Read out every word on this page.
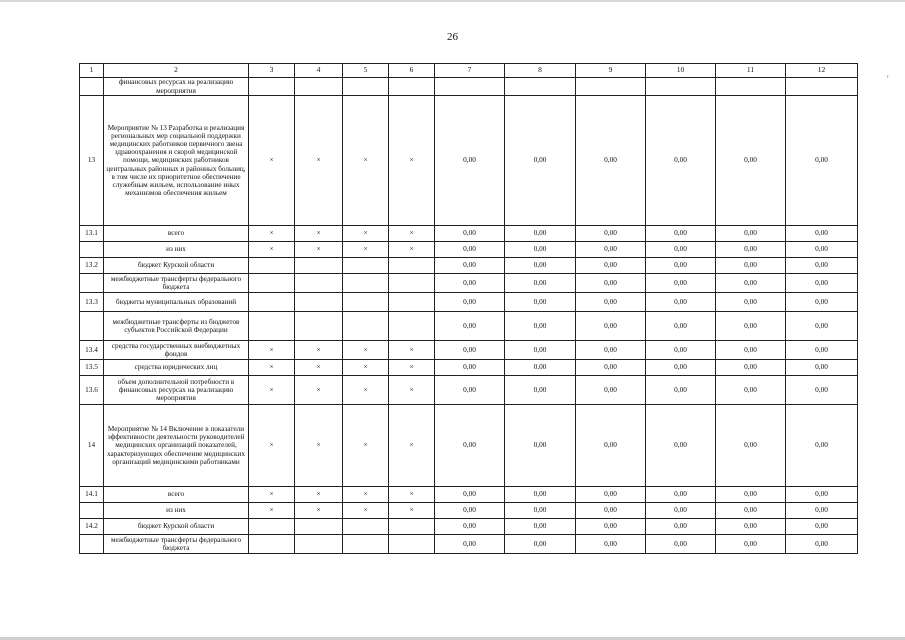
26
'
1	2	3	4	5	6	7	8	9	10	11	12
	финансовых ресурсах на реализацию мероприятия										
13	Мероприятие № 13 Разработка и реализация региональных мер социальной поддержки медицинских работников первичного звена здравоохранения и скорой медицинской помощи, медицинских работников центральных районных и районных больниц, в том числе их приоритетное обеспечение служебным жильем, использование иных механизмов обеспечения жильем	×	×	×	×	0,00	0,00	0,00	0,00	0,00	0,00
13.1	всего	×	×	×	×	0,00	0,00	0,00	0,00	0,00	0,00
	из них	×	×	×	×	0,00	0,00	0,00	0,00	0,00	0,00
13.2	бюджет Курской области					0,00	0,00	0,00	0,00	0,00	0,00
	межбюджетные трансферты федерального бюджета					0,00	0,00	0,00	0,00	0,00	0,00
13.3	бюджеты муниципальных образований					0,00	0,00	0,00	0,00	0,00	0,00
	межбюджетные трансферты из бюджетов субъектов Российской Федерации					0,00	0,00	0,00	0,00	0,00	0,00
13.4	средства государственных внебюджетных фондов	×	×	×	×	0,00	0,00	0,00	0,00	0,00	0,00
13.5	средства юридических лиц	×	×	×	×	0,00	0,00	0,00	0,00	0,00	0,00
13.6	объем дополнительной потребности в финансовых ресурсах на реализацию мероприятия	×	×	×	×	0,00	0,00	0,00	0,00	0,00	0,00
14	Мероприятие № 14 Включение в показатели эффективности деятельности руководителей медицинских организаций показателей, характеризующих обеспечение медицинских организаций медицинскими работниками	×	×	×	×	0,00	0,00	0,00	0,00	0,00	0,00
14.1	всего	×	×	×	×	0,00	0,00	0,00	0,00	0,00	0,00
	из них	×	×	×	×	0,00	0,00	0,00	0,00	0,00	0,00
14.2	бюджет Курской области					0,00	0,00	0,00	0,00	0,00	0,00
	межбюджетные трансферты федерального бюджета					0,00	0,00	0,00	0,00	0,00	0,00
